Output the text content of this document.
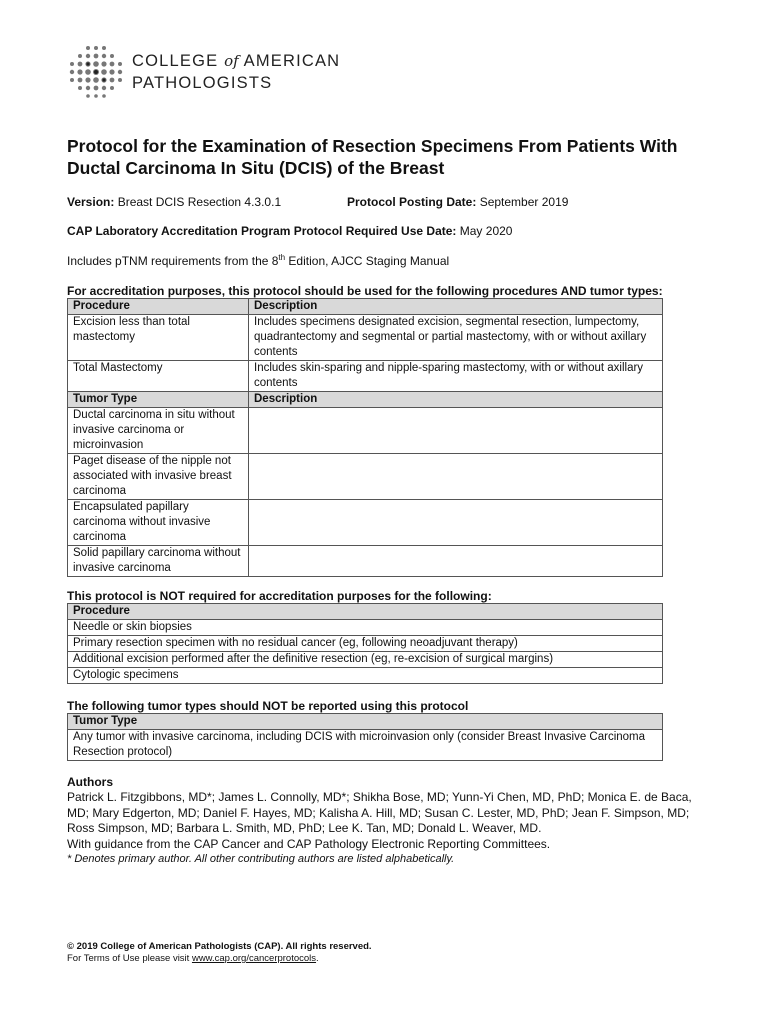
COLLEGE of AMERICAN
PATHOLOGISTS
Protocol for the Examination of Resection Specimens From Patients With Ductal Carcinoma In Situ (DCIS) of the Breast
Version: Breast DCIS Resection 4.3.0.1	Protocol Posting Date: September 2019
CAP Laboratory Accreditation Program Protocol Required Use Date: May 2020
Includes pTNM requirements from the 8th Edition, AJCC Staging Manual
For accreditation purposes, this protocol should be used for the following procedures AND tumor types:
Procedure	Description
Excision less than total mastectomy	Includes specimens designated excision, segmental resection, lumpectomy, quadrantectomy and segmental or partial mastectomy, with or without axillary contents
Total Mastectomy	Includes skin-sparing and nipple-sparing mastectomy, with or without axillary contents
Tumor Type	Description
Ductal carcinoma in situ without invasive carcinoma or microinvasion	
Paget disease of the nipple not associated with invasive breast carcinoma	
Encapsulated papillary carcinoma without invasive carcinoma	
Solid papillary carcinoma without invasive carcinoma	
This protocol is NOT required for accreditation purposes for the following:
Procedure
Needle or skin biopsies
Primary resection specimen with no residual cancer (eg, following neoadjuvant therapy)
Additional excision performed after the definitive resection (eg, re-excision of surgical margins)
Cytologic specimens
The following tumor types should NOT be reported using this protocol
Tumor Type
Any tumor with invasive carcinoma, including DCIS with microinvasion only (consider Breast Invasive Carcinoma Resection protocol)
Authors
Patrick L. Fitzgibbons, MD*; James L. Connolly, MD*; Shikha Bose, MD; Yunn-Yi Chen, MD, PhD; Monica E. de Baca, MD; Mary Edgerton, MD; Daniel F. Hayes, MD; Kalisha A. Hill, MD; Susan C. Lester, MD, PhD; Jean F. Simpson, MD; Ross Simpson, MD; Barbara L. Smith, MD, PhD; Lee K. Tan, MD; Donald L. Weaver, MD.
With guidance from the CAP Cancer and CAP Pathology Electronic Reporting Committees.
* Denotes primary author. All other contributing authors are listed alphabetically.
© 2019 College of American Pathologists (CAP). All rights reserved.
For Terms of Use please visit www.cap.org/cancerprotocols.
